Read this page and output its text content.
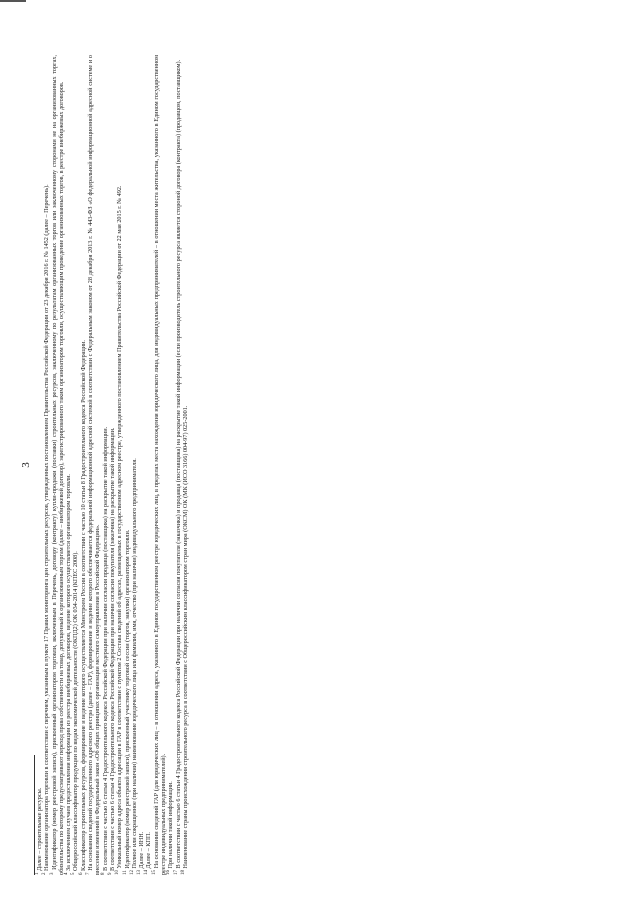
3

$^1$ Далее – строительные ресурсы.

$^2$ Наименование организатора торговли в соответствии с перечнем, указанным в пункте 17 Правил мониторинга цен строительных ресурсов, утвержденных постановлением Правительства Российской Федерации от 23 декабря 2016 г. № 1452 (далее – Перечень).

$^3$ Идентификатор (номер реестровой записи), присвоенный организатором торговли, включенным в Перечень, договору (контракту) купли-продажи (поставки) строительных ресурсов, заключенному по результатам организованных торгов или заключенному сторонами не на организованных торгах, обязательства по которому предусматривают переход права собственности на товар, допущенный к организованным торгам (далее – внебиржевой договор), зарегистрированного таким организатором торговли, осуществляющим проведение организованных торгов, в реестре внебиржевых договоров. $^4$ За исключением случаев предоставления информации из реестра внебиржевых договоров, ведение которого осуществляется организатором торговли.

$^5$ Общероссийский классификатор продукции по видам экономической деятельности (ОКПД2) ОК 034-2014 (КПЕС 2008).

$^6$ Классификатор строительных ресурсов, формирование и ведение которого осуществляется Минстроем России в соответствии с частью 10 статьи 8 Градостроительного кодекса Российской Федерации.

$^7$ На основании сведений государственного адресного реестра (далее – ГАР), формирование и ведение которого обеспечивается федеральной информационной адресной системой в соответствии с Федеральным законом от 28 декабря 2013 г. № 443-ФЗ «О федеральной информационной адресной системе и о внесении изменений в Федеральный закон «Об общих принципах организации местного самоуправления в Российской Федерации». $^8$ В соответствии с частью 6 статьи 4 Градостроительного кодекса Российской Федерации при наличии согласия продавца (поставщика) на раскрытие такой информации.

$^9$ В соответствии с частью 6 статьи 4 Градостроительного кодекса Российской Федерации при наличии согласия покупателя (заказчика) на раскрытие такой информации. $^{10}$ Уникальный номер адреса объекта адресации в ГАР в соответствии с пунктом 2 Состава сведений об адресах, размещаемых в государственном адресном реестре, утвержденного постановлением Правительства Российской Федерации от 22 мая 2015 г. № 492.

$^{11}$ Идентификатор (номер реестровой записи), присвоенный участнику торговой сессии (торгов, закупки) организатором торговли.

$^{12}$ Полное или сокращенное (при наличии) наименование юридического лица или фамилия, имя, отчество (при наличии) индивидуального предпринимателя.

$^{13}$ Далее – ИНН.

$^{14}$ Далее – КПП.

$^{15}$ На основании сведений ГАР (для юридических лиц – в отношении адреса, указанного в Едином государственном реестре юридических лиц, в пределах места нахождения юридического лица, для индивидуальных предпринимателей – в отношении места жительства, указанного в Едином государственном реестре индивидуальных предпринимателей). $^{16}$ При наличии такой информации.

$^{17}$ В соответствии с частью 6 статьи 4 Градостроительного кодекса Российской Федерации при наличии согласия покупателя (заказчика) и продавца (поставщика) на раскрытие такой информации (если производитель строительного ресурса является стороной договора (контракта) (продавцом, поставщиком).

$^{18}$ Наименование страны происхождения строительного ресурса в соответствии с Общероссийским классификатором стран мира (ОКСМ) ОК (МК (ИСО 3166) 004-97) 025-2001.
